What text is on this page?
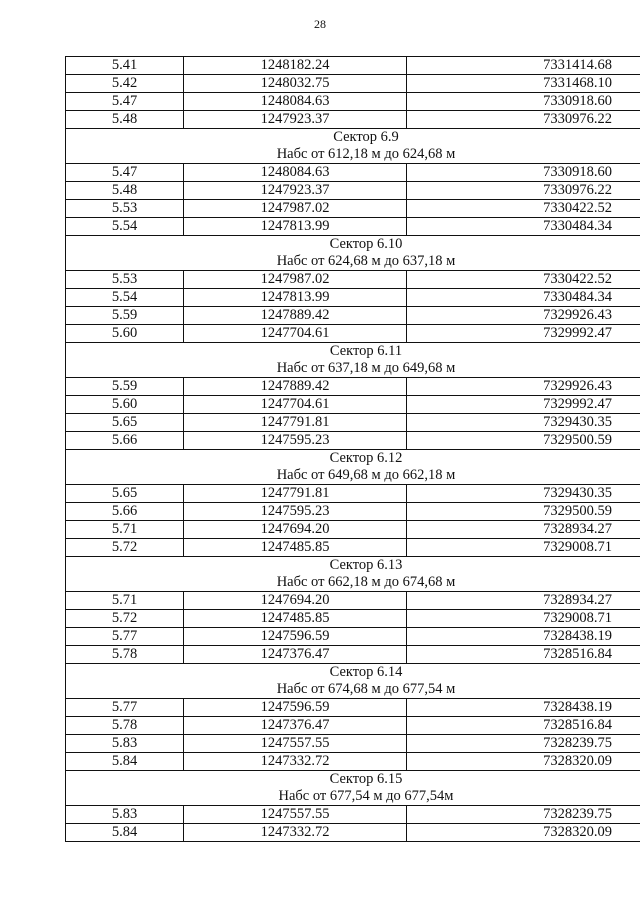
28
5.41	1248182.24	7331414.68
5.42	1248032.75	7331468.10
5.47	1248084.63	7330918.60
5.48	1247923.37	7330976.22
Сектор 6.9		
Набс от 612,18 м до 624,68 м		
5.47	1248084.63	7330918.60
5.48	1247923.37	7330976.22
5.53	1247987.02	7330422.52
5.54	1247813.99	7330484.34
Сектор 6.10		
Набс от 624,68 м до 637,18 м		
5.53	1247987.02	7330422.52
5.54	1247813.99	7330484.34
5.59	1247889.42	7329926.43
5.60	1247704.61	7329992.47
Сектор 6.11		
Набс от 637,18 м до 649,68 м		
5.59	1247889.42	7329926.43
5.60	1247704.61	7329992.47
5.65	1247791.81	7329430.35
5.66	1247595.23	7329500.59
Сектор 6.12		
Набс от 649,68 м до 662,18 м		
5.65	1247791.81	7329430.35
5.66	1247595.23	7329500.59
5.71	1247694.20	7328934.27
5.72	1247485.85	7329008.71
Сектор 6.13		
Набс от 662,18 м до 674,68 м		
5.71	1247694.20	7328934.27
5.72	1247485.85	7329008.71
5.77	1247596.59	7328438.19
5.78	1247376.47	7328516.84
Сектор 6.14		
Набс от 674,68 м до 677,54 м		
5.77	1247596.59	7328438.19
5.78	1247376.47	7328516.84
5.83	1247557.55	7328239.75
5.84	1247332.72	7328320.09
Сектор 6.15		
Набс от 677,54 м до 677,54м		
5.83	1247557.55	7328239.75
5.84	1247332.72	7328320.09
